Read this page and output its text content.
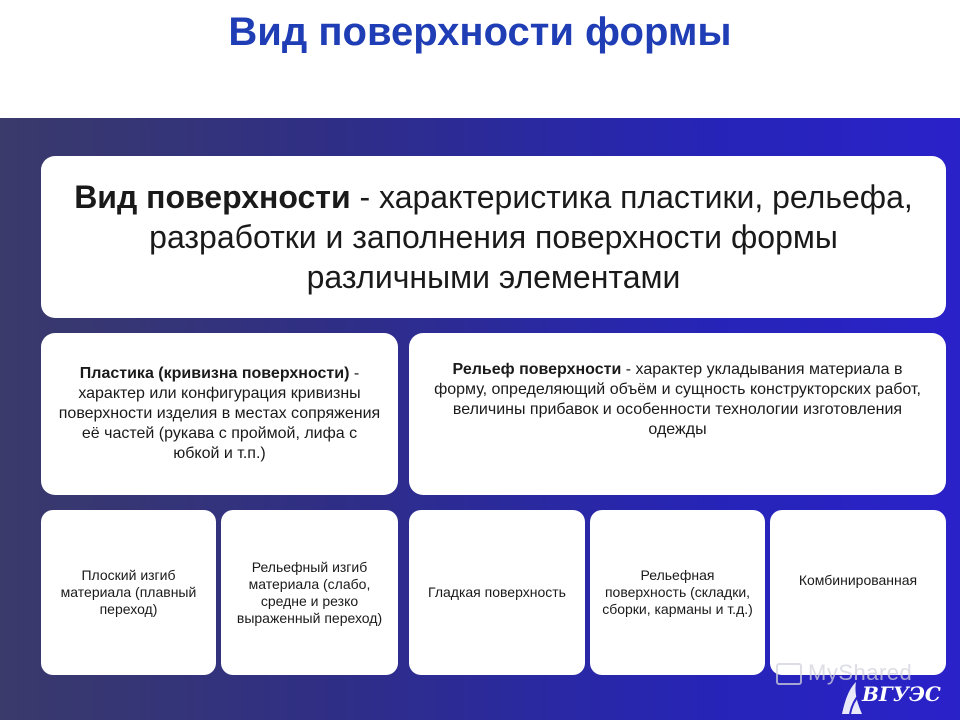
Вид поверхности формы
Вид поверхности - характеристика пластики, рельефа, разработки и заполнения поверхности формы различными элементами
Пластика (кривизна поверхности) - характер или конфигурация кривизны поверхности изделия в местах сопряжения её частей (рукава с проймой, лифа с юбкой и т.п.)
Рельеф поверхности - характер укладывания материала в форму, определяющий объём и сущность конструкторских работ, величины прибавок и особенности технологии изготовления одежды
Плоский изгиб материала (плавный переход)
Рельефный изгиб материала (слабо, средне и резко выраженный переход)
Гладкая поверхность
Рельефная поверхность (складки, сборки, карманы и т.д.)
Комбинированная
MyShared
ВГУЭС
